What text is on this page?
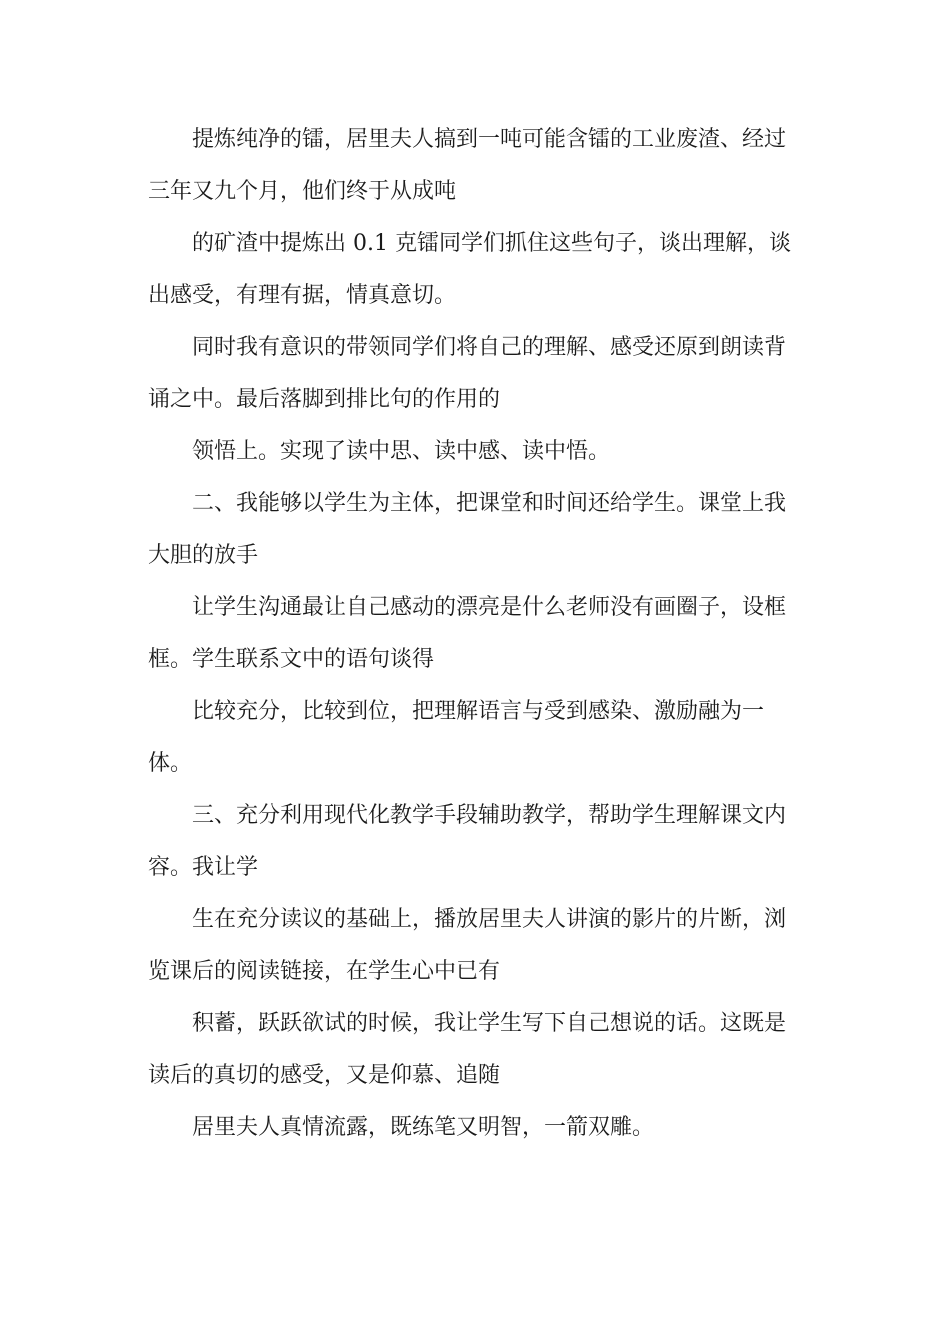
提炼纯净的镭，居里夫人搞到一吨可能含镭的工业废渣、经过
三年又九个月，他们终于从成吨

的矿渣中提炼出 0.1 克镭同学们抓住这些句子，谈出理解，谈
出感受，有理有据，情真意切。

同时我有意识的带领同学们将自己的理解、感受还原到朗读背
诵之中。最后落脚到排比句的作用的

领悟上。实现了读中思、读中感、读中悟。

二、我能够以学生为主体，把课堂和时间还给学生。课堂上我
大胆的放手

让学生沟通最让自己感动的漂亮是什么老师没有画圈子，设框
框。学生联系文中的语句谈得

比较充分，比较到位，把理解语言与受到感染、激励融为一
体。

三、充分利用现代化教学手段辅助教学，帮助学生理解课文内
容。我让学

生在充分读议的基础上，播放居里夫人讲演的影片的片断，浏
览课后的阅读链接，在学生心中已有

积蓄，跃跃欲试的时候，我让学生写下自己想说的话。这既是
读后的真切的感受，又是仰慕、追随

居里夫人真情流露，既练笔又明智，一箭双雕。
